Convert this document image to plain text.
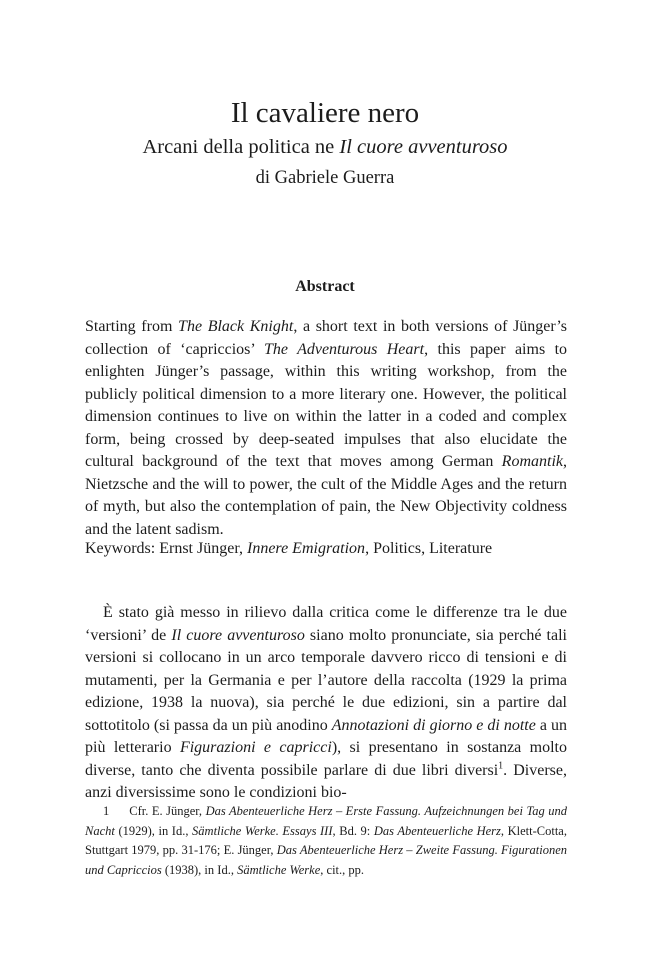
Il cavaliere nero
Arcani della politica ne Il cuore avventuroso
di Gabriele Guerra
Abstract

Starting from The Black Knight, a short text in both versions of Jünger’s collection of ‘capriccios’ The Adventurous Heart, this paper aims to enlighten Jünger’s passage, within this writing workshop, from the publicly political dimension to a more literary one. However, the political dimension continues to live on within the latter in a coded and complex form, being crossed by deep-seated impulses that also elucidate the cultural background of the text that moves among German Romantik, Nietzsche and the will to power, the cult of the Middle Ages and the return of myth, but also the contemplation of pain, the New Objectivity coldness and the latent sadism.

Keywords: Ernst Jünger, Innere Emigration, Politics, Literature

È stato già messo in rilievo dalla critica come le differenze tra le due ‘versioni’ de Il cuore avventuroso siano molto pronunciate, sia perché tali versioni si collocano in un arco temporale davvero ricco di tensioni e di mutamenti, per la Germania e per l’autore della raccolta (1929 la prima edizione, 1938 la nuova), sia perché le due edizioni, sin a partire dal sottotitolo (si passa da un più anodino Annotazioni di giorno e di notte a un più letterario Figurazioni e capricci), si presentano in sostanza molto diverse, tanto che diventa possibile parlare di due libri diversi$^1$. Diverse, anzi diversissime sono le condizioni bio-

1 Cfr. E. Jünger, Das Abenteuerliche Herz – Erste Fassung. Aufzeichnungen bei Tag und Nacht (1929), in Id., Sämtliche Werke. Essays III, Bd. 9: Das Abenteuerliche Herz, Klett-Cotta, Stuttgart 1979, pp. 31-176; E. Jünger, Das Abenteuerliche Herz – Zweite Fassung. Figurationen und Capriccios (1938), in Id., Sämtliche Werke, cit., pp.
